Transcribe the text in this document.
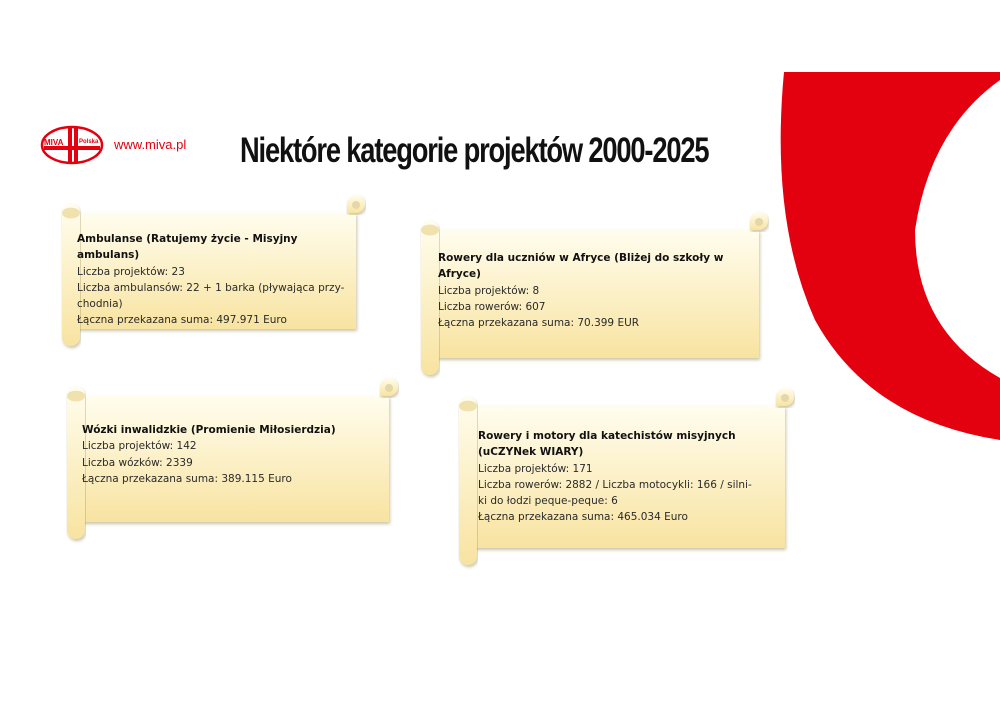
MIVA	Polska www.miva.pl Niektóre kategorie projektów 2000-2025
Ambulanse (Ratujemy życie - Misyjny
ambulans)
Liczba projektów: 23
Liczba ambulansów: 22 + 1 barka (pływająca przy-
chodnia)
Łączna przekazana suma: 497.971 Euro
Rowery dla uczniów w Afryce (Bliżej do szkoły w
Afryce)
Liczba projektów: 8
Liczba rowerów: 607
Łączna przekazana suma: 70.399 EUR
Wózki inwalidzkie (Promienie Miłosierdzia)
Liczba projektów: 142
Liczba wózków: 2339
Łączna przekazana suma: 389.115 Euro
Rowery i motory dla katechistów misyjnych
(uCZYNek WIARY)
Liczba projektów: 171
Liczba rowerów: 2882 / Liczba motocykli: 166 / silni-
ki do łodzi peque-peque: 6
Łączna przekazana suma: 465.034 Euro
